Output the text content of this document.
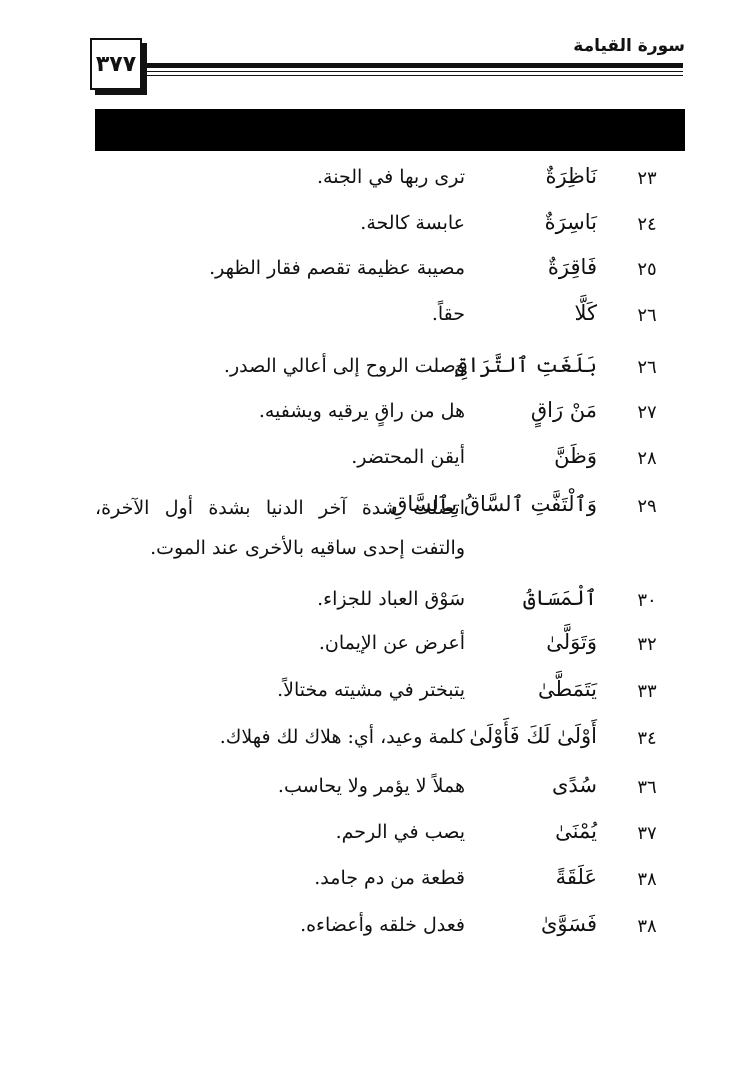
٣٧٧
سورة القيامة
٢٣
نَاظِرَةٌ
ترى ربها في الجنة.
٢٤
بَاسِرَةٌ
عابسة كالحة.
٢٥
فَاقِرَةٌ
مصيبة عظيمة تقصم فقار الظهر.
٢٦
كَلَّا
حقاً.
٢٦
بَلَغَتِ ٱلتَّرَاقِىَ
وصلت الروح إلى أعالي الصدر.
٢٧
مَنْ رَاقٍ
هل من راقٍ يرقيه ويشفيه.
٢٨
وَظَنَّ
أيقن المحتضر.
٢٩
وَٱلْتَفَّتِ ٱلسَّاقُ بِٱلسَّاقِ
اتصلت شدة آخر الدنيا بشدة أول الآخرة، والتفت إحدى ساقيه بالأخرى عند الموت.
٣٠
ٱلْمَسَاقُ
سَوْق العباد للجزاء.
٣٢
وَتَوَلَّىٰ
أعرض عن الإيمان.
٣٣
يَتَمَطَّىٰ
يتبختر في مشيته مختالاً.
٣٤
أَوْلَىٰ لَكَ فَأَوْلَىٰ
كلمة وعيد، أي: هلاك لك فهلاك.
٣٦
سُدًى
هملاً لا يؤمر ولا يحاسب.
٣٧
يُمْنَىٰ
يصب في الرحم.
٣٨
عَلَقَةً
قطعة من دم جامد.
٣٨
فَسَوَّىٰ
فعدل خلقه وأعضاءه.
